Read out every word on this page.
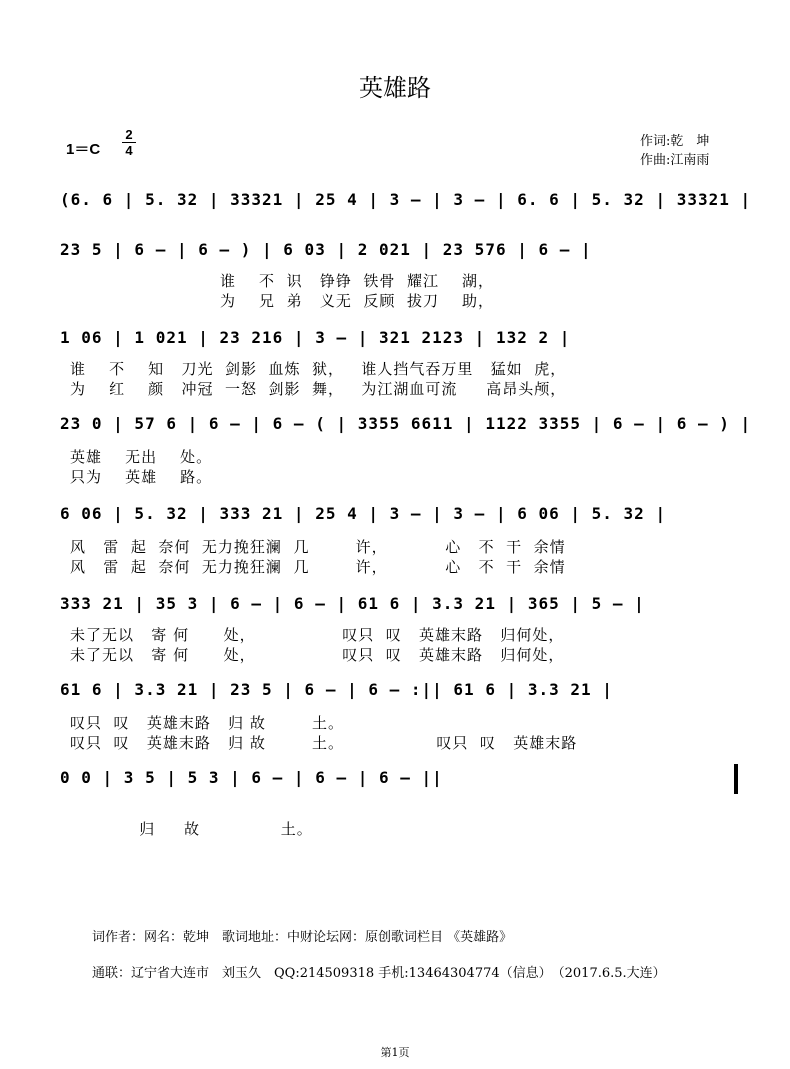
英雄路
1＝C
2
4
作词:乾　坤
作曲:江南雨
(6. 6 | 5. 32 | 33321 | 25 4 | 3 – | 3 – | 6. 6 | 5. 32 | 33321 |
23 5 | 6 – | 6 – ) | 6 03 | 2 021 | 23 576 | 6 – |
谁    不  识   铮铮  铁骨  耀江    湖，
为    兄  弟   义无  反顾  拔刀    助，
1 06 | 1 021 | 23 216 | 3 – | 321 2123 | 132 2 |
谁    不    知   刀光  剑影  血炼  狱，   谁人挡气吞万里   猛如  虎，
为    红    颜   冲冠  一怒  剑影  舞，   为江湖血可流     高昂头颅，
23 0 | 57 6 | 6 – | 6 – ( | 3355 6611 | 1122 3355 | 6 – | 6 – ) |
英雄    无出    处。
只为    英雄    路。
6 06 | 5. 32 | 333 21 | 25 4 | 3 – | 3 – | 6 06 | 5. 32 |
风   雷  起  奈何  无力挽狂澜  几        许，          心   不  干  余情
风   雷  起  奈何  无力挽狂澜  几        许，          心   不  干  余情
333 21 | 35 3 | 6 – | 6 – | 61 6 | 3.3 21 | 365 | 5 – |
未了无以   寄 何      处，               叹只  叹   英雄末路   归何处，
未了无以   寄 何      处，               叹只  叹   英雄末路   归何处，
61 6 | 3.3 21 | 23 5 | 6 – | 6 – :|| 61 6 | 3.3 21 |
叹只  叹   英雄末路   归 故        土。
叹只  叹   英雄末路   归 故        土。                叹只  叹   英雄末路
0 0 | 3 5 | 5 3 | 6 – | 6 – | 6 – ||
归     故              土。
词作者：网名：乾坤　歌词地址：中财论坛网：原创歌词栏目 《英雄路》
通联：辽宁省大连市　刘玉久　QQ:214509318 手机:13464304774（信息）　（2017.6.5.大连）
第1页
